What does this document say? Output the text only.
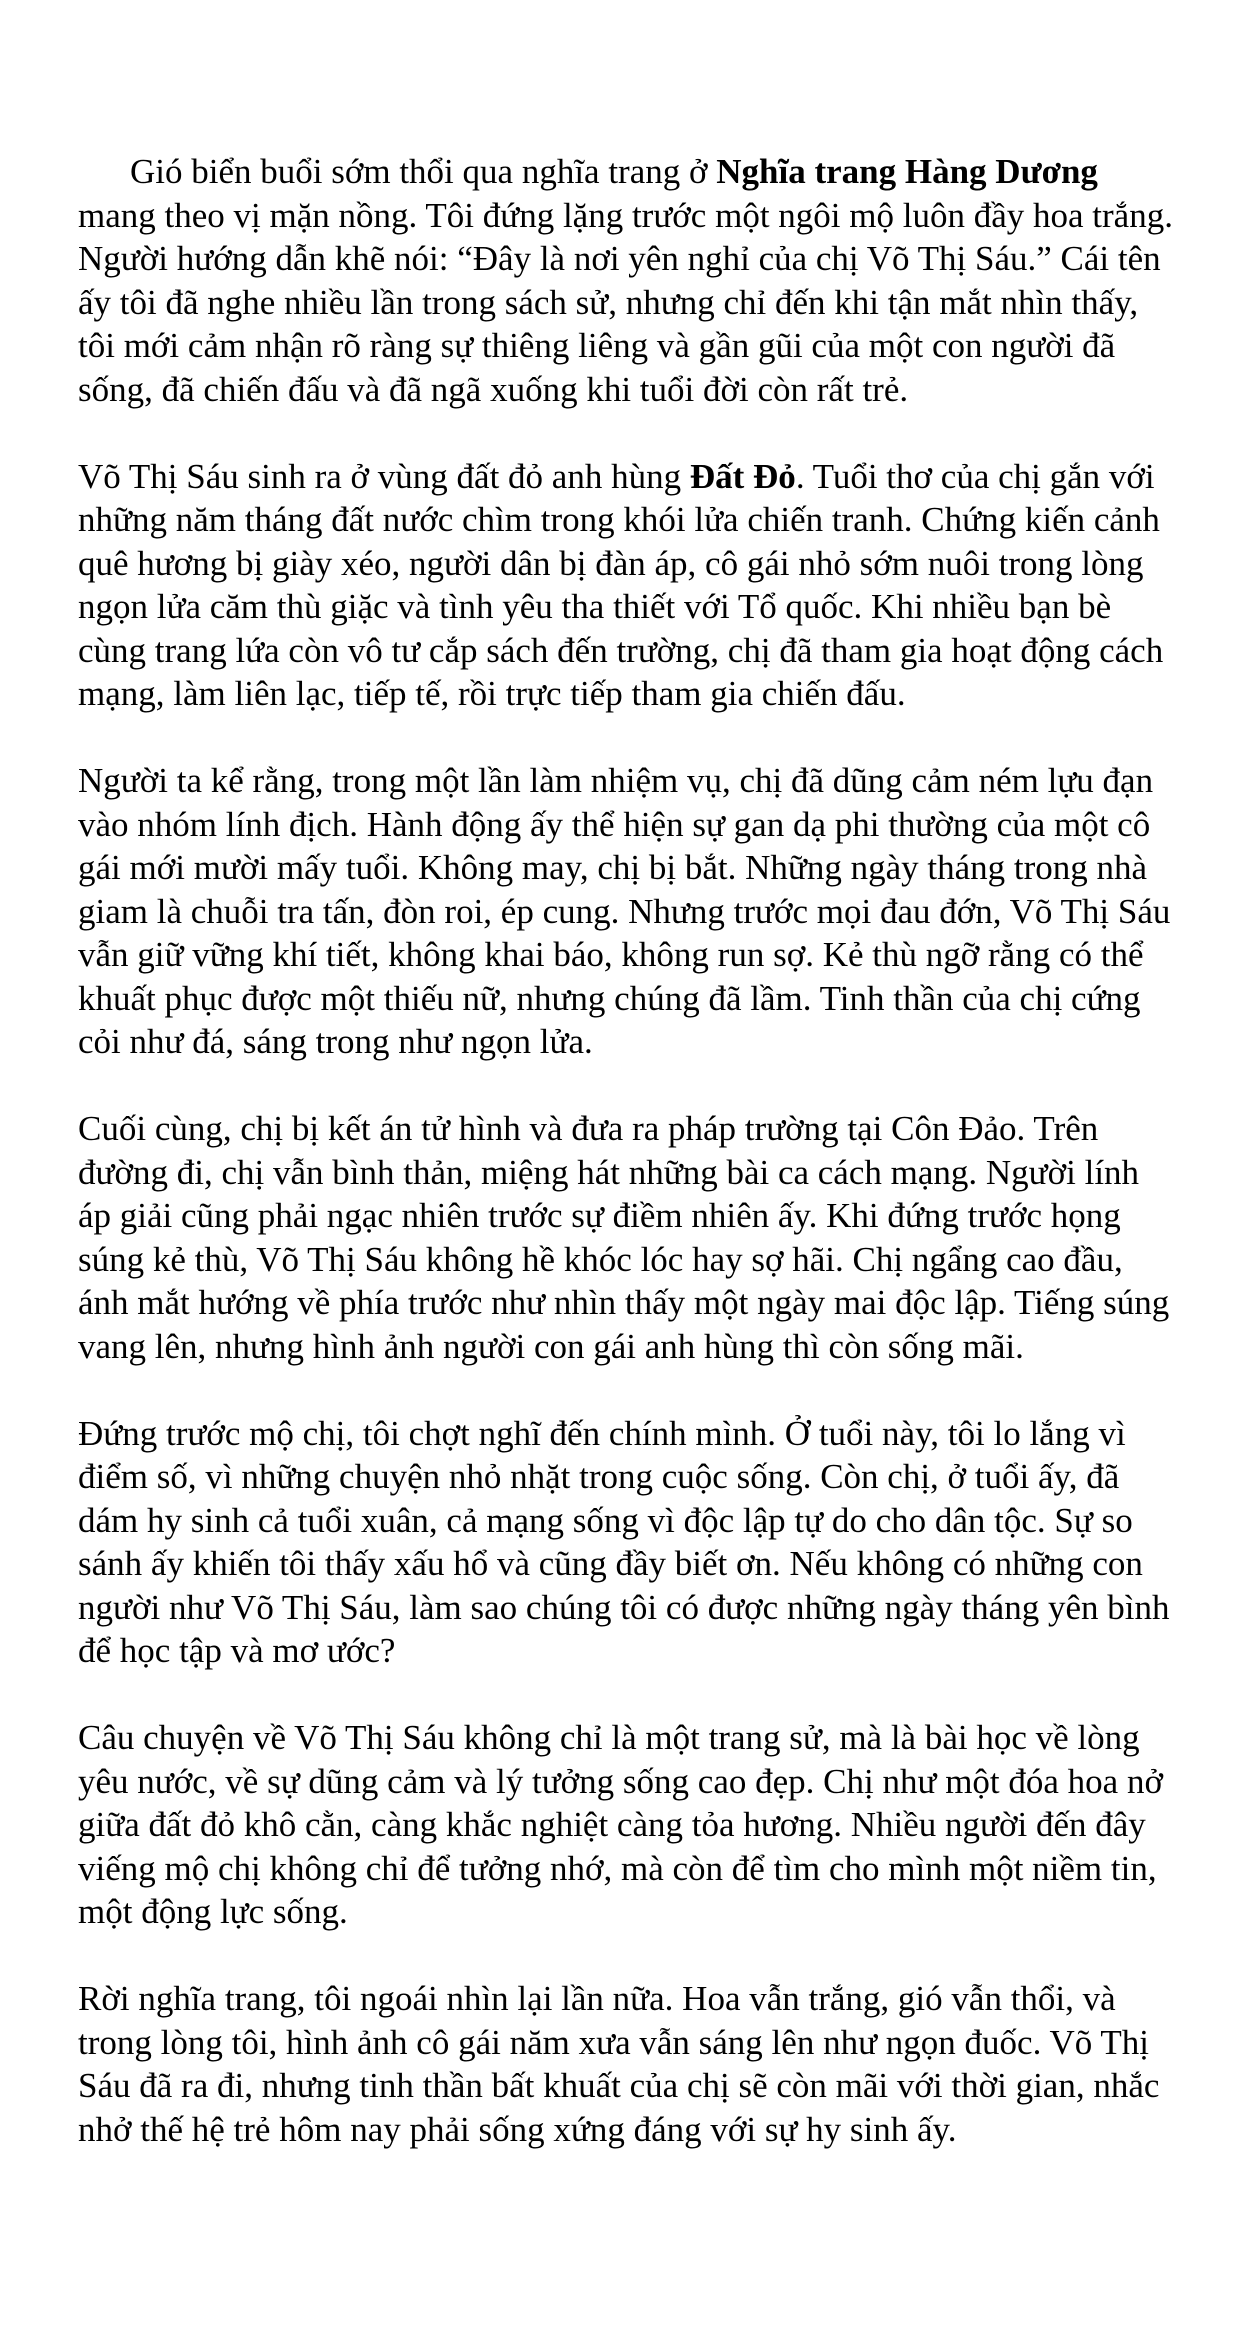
Gió biển buổi sớm thổi qua nghĩa trang ở Nghĩa trang Hàng Dương mang theo vị mặn nồng. Tôi đứng lặng trước một ngôi mộ luôn đầy hoa trắng. Người hướng dẫn khẽ nói: “Đây là nơi yên nghỉ của chị Võ Thị Sáu.” Cái tên ấy tôi đã nghe nhiều lần trong sách sử, nhưng chỉ đến khi tận mắt nhìn thấy, tôi mới cảm nhận rõ ràng sự thiêng liêng và gần gũi của một con người đã sống, đã chiến đấu và đã ngã xuống khi tuổi đời còn rất trẻ.

Võ Thị Sáu sinh ra ở vùng đất đỏ anh hùng Đất Đỏ. Tuổi thơ của chị gắn với những năm tháng đất nước chìm trong khói lửa chiến tranh. Chứng kiến cảnh quê hương bị giày xéo, người dân bị đàn áp, cô gái nhỏ sớm nuôi trong lòng ngọn lửa căm thù giặc và tình yêu tha thiết với Tổ quốc. Khi nhiều bạn bè cùng trang lứa còn vô tư cắp sách đến trường, chị đã tham gia hoạt động cách mạng, làm liên lạc, tiếp tế, rồi trực tiếp tham gia chiến đấu.

Người ta kể rằng, trong một lần làm nhiệm vụ, chị đã dũng cảm ném lựu đạn vào nhóm lính địch. Hành động ấy thể hiện sự gan dạ phi thường của một cô gái mới mười mấy tuổi. Không may, chị bị bắt. Những ngày tháng trong nhà giam là chuỗi tra tấn, đòn roi, ép cung. Nhưng trước mọi đau đớn, Võ Thị Sáu vẫn giữ vững khí tiết, không khai báo, không run sợ. Kẻ thù ngỡ rằng có thể khuất phục được một thiếu nữ, nhưng chúng đã lầm. Tinh thần của chị cứng cỏi như đá, sáng trong như ngọn lửa.

Cuối cùng, chị bị kết án tử hình và đưa ra pháp trường tại Côn Đảo. Trên đường đi, chị vẫn bình thản, miệng hát những bài ca cách mạng. Người lính áp giải cũng phải ngạc nhiên trước sự điềm nhiên ấy. Khi đứng trước họng súng kẻ thù, Võ Thị Sáu không hề khóc lóc hay sợ hãi. Chị ngẩng cao đầu, ánh mắt hướng về phía trước như nhìn thấy một ngày mai độc lập. Tiếng súng vang lên, nhưng hình ảnh người con gái anh hùng thì còn sống mãi.

Đứng trước mộ chị, tôi chợt nghĩ đến chính mình. Ở tuổi này, tôi lo lắng vì điểm số, vì những chuyện nhỏ nhặt trong cuộc sống. Còn chị, ở tuổi ấy, đã dám hy sinh cả tuổi xuân, cả mạng sống vì độc lập tự do cho dân tộc. Sự so sánh ấy khiến tôi thấy xấu hổ và cũng đầy biết ơn. Nếu không có những con người như Võ Thị Sáu, làm sao chúng tôi có được những ngày tháng yên bình để học tập và mơ ước?

Câu chuyện về Võ Thị Sáu không chỉ là một trang sử, mà là bài học về lòng yêu nước, về sự dũng cảm và lý tưởng sống cao đẹp. Chị như một đóa hoa nở giữa đất đỏ khô cằn, càng khắc nghiệt càng tỏa hương. Nhiều người đến đây viếng mộ chị không chỉ để tưởng nhớ, mà còn để tìm cho mình một niềm tin, một động lực sống.

Rời nghĩa trang, tôi ngoái nhìn lại lần nữa. Hoa vẫn trắng, gió vẫn thổi, và trong lòng tôi, hình ảnh cô gái năm xưa vẫn sáng lên như ngọn đuốc. Võ Thị Sáu đã ra đi, nhưng tinh thần bất khuất của chị sẽ còn mãi với thời gian, nhắc nhở thế hệ trẻ hôm nay phải sống xứng đáng với sự hy sinh ấy.
